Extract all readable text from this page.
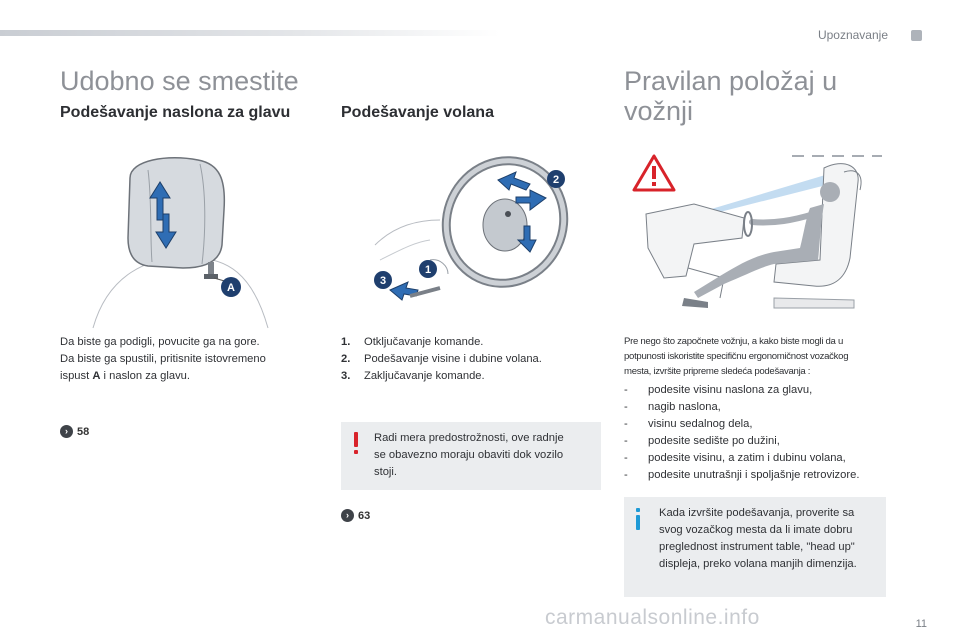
Upoznavanje
Udobno se smestite
Podešavanje naslona za glavu	Podešavanje volana
A
2
1
3

Da biste ga podigli, povucite ga na gore.

Da biste ga spustili, pritisnite istovremeno

ispust A i naslon za glavu.

› 58

1. Otključavanje komande.

2. Podešavanje visine i dubine volana.

3. Zaključavanje komande.

Radi mera predostrožnosti, ove radnje
se obavezno moraju obaviti dok vozilo
stoji.
› 63
Pravilan položaj u
vožnji
Pre nego što započnete vožnju, a kako biste mogli da u
potpunosti iskoristite specifičnu ergonomičnost vozačkog
mesta, izvršite pripreme sledeća podešavanja :
-	podesite visinu naslona za glavu,
-	nagib naslona,
-	visinu sedalnog dela,
-	podesite sedište po dužini,
-	podesite visinu, a zatim i dubinu volana,
-	podesite unutrašnji i spoljašnje retrovizore.
Kada izvršite podešavanja, proverite sa
svog vozačkog mesta da li imate dobru
preglednost instrument table, "head up"
displeja, preko volana manjih dimenzija.
carmanualsonline.info	11
